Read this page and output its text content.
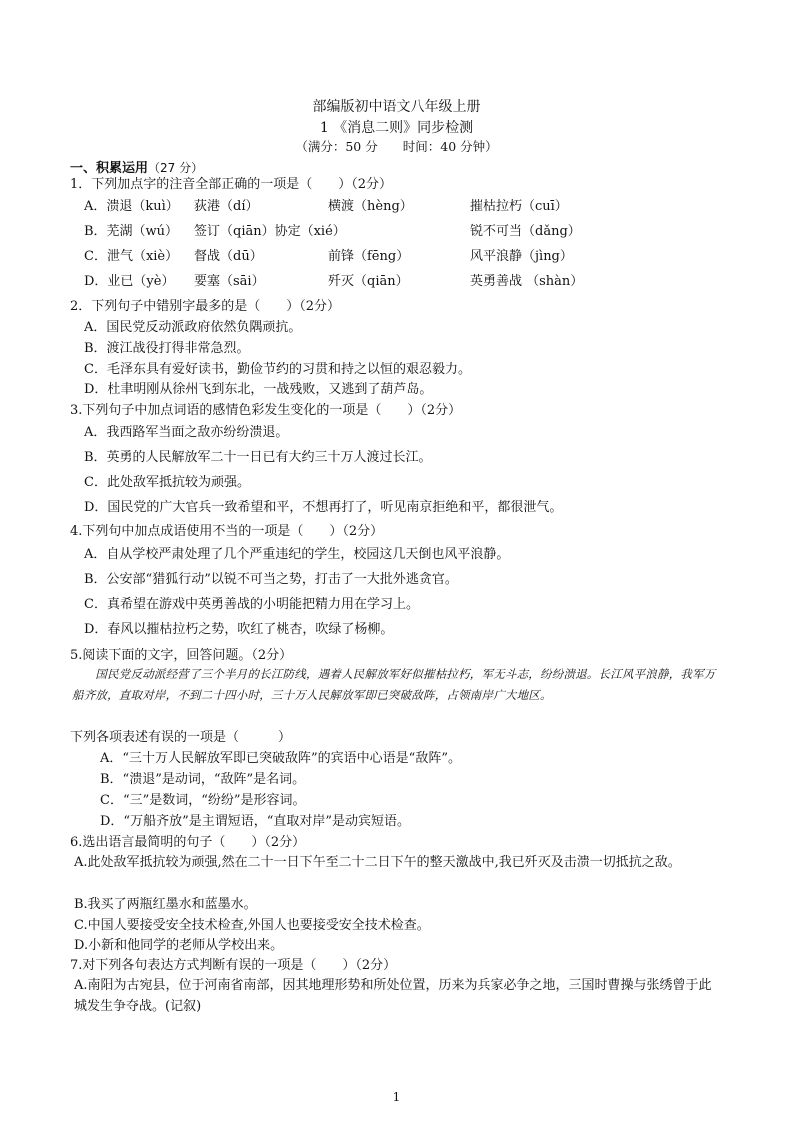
部编版初中语文八年级上册
1 《消息二则》同步检测
（满分：50 分　　时间：40 分钟）
一、积累运用（27 分）
1．下列加点字的注音全部正确的一项是（　　）（2分）
A．溃退（kuì） 荻港（dí）	横渡（hèng）	摧枯拉朽（cuī）
B．芜湖（wú） 签订（qiān）协定（xié）	锐不可当（dǎng）
C．泄气（xiè） 督战（dū）	前锋（fēng）	风平浪静（jìng）
D．业已（yè） 要塞（sāi）	歼灭（qiān）	英勇善战 （shàn）
2．下列句子中错别字最多的是（　　）（2分）
A．国民党反动派政府依然负隅顽抗。
B．渡江战役打得非常急烈。
C．毛泽东具有爱好读书，勤俭节约的习贯和持之以恒的艰忍毅力。
D．杜聿明刚从徐州飞到东北，一战残败，又逃到了葫芦岛。
3.下列句子中加点词语的感情色彩发生变化的一项是（　　）（2分）
A．我西路军当面之敌亦纷纷溃退。
B．英勇的人民解放军二十一日已有大约三十万人渡过长江。
C．此处敌军抵抗较为顽强。
D．国民党的广大官兵一致希望和平，不想再打了，听见南京拒绝和平，都很泄气。
4.下列句中加点成语使用不当的一项是（　　）（2分）
A．自从学校严肃处理了几个严重违纪的学生，校园这几天倒也风平浪静。
B．公安部“猎狐行动”以锐不可当之势，打击了一大批外逃贪官。
C．真希望在游戏中英勇善战的小明能把精力用在学习上。
D．春风以摧枯拉朽之势，吹红了桃杏，吹绿了杨柳。
5.阅读下面的文字，回答问题。（2分）
　　国民党反动派经营了三个半月的长江防线，遇着人民解放军好似摧枯拉朽，军无斗志，纷纷溃退。长江风平浪静，我军万船齐放，直取对岸，不到二十四小时，三十万人民解放军即已突破敌阵，占领南岸广大地区。
下列各项表述有误的一项是（　　　）
A．“三十万人民解放军即已突破敌阵”的宾语中心语是“敌阵”。
B．“溃退”是动词，“敌阵”是名词。
C．“三”是数词，“纷纷”是形容词。
D．“万船齐放”是主谓短语，“直取对岸”是动宾短语。
6.选出语言最简明的句子（　　）（2分）
A.此处敌军抵抗较为顽强,然在二十一日下午至二十二日下午的整天激战中,我已歼灭及击溃一切抵抗之敌。
B.我买了两瓶红墨水和蓝墨水。
C.中国人要接受安全技术检查,外国人也要接受安全技术检查。
D.小新和他同学的老师从学校出来。
7.对下列各句表达方式判断有误的一项是（　　）（2分）
A.南阳为古宛县，位于河南省南部，因其地理形势和所处位置，历来为兵家必争之地，三国时曹操与张绣曾于此城发生争夺战。(记叙)
1
